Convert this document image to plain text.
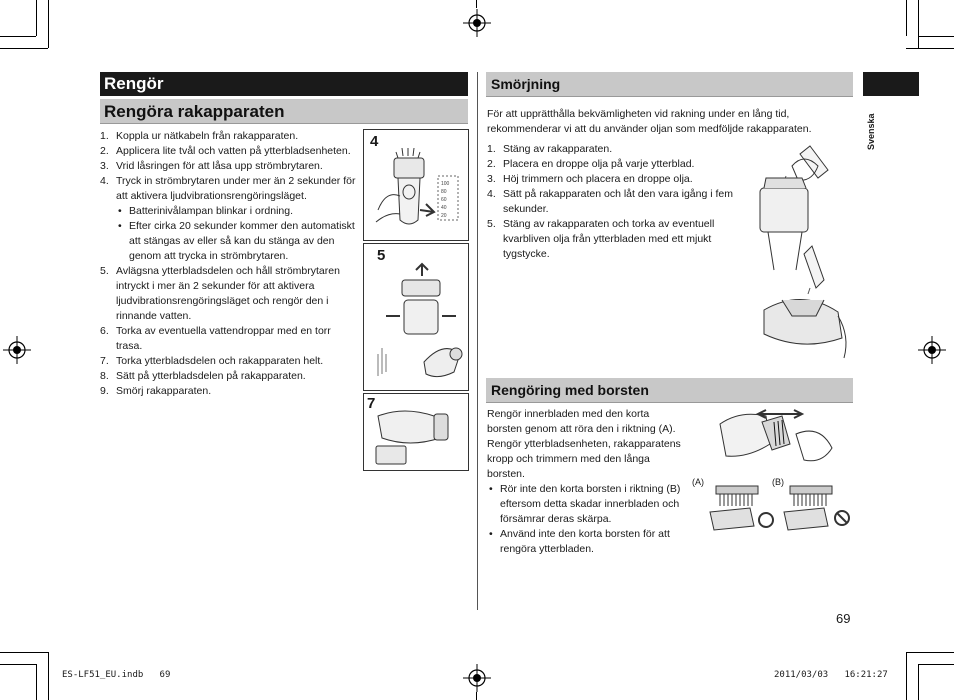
Rengör
Rengöra rakapparaten
1. Koppla ur nätkabeln från rakapparaten.
2. Applicera lite tvål och vatten på ytterbladsenheten.
3. Vrid låsringen för att låsa upp strömbrytaren.
4. Tryck in strömbrytaren under mer än 2 sekunder för att aktivera ljudvibrationsrengöringsläget.
• Batterinivålampan blinkar i ordning.
• Efter cirka 20 sekunder kommer den automatiskt att stängas av eller så kan du stänga av den genom att trycka in strömbrytaren.
5. Avlägsna ytterbladsdelen och håll strömbrytaren intryckt i mer än 2 sekunder för att aktivera ljudvibrationsrengöringsläget och rengör den i rinnande vatten.
6. Torka av eventuella vattendroppar med en torr trasa.
7. Torka ytterbladsdelen och rakapparaten helt.
8. Sätt på ytterbladsdelen på rakapparaten.
9. Smörj rakapparaten.
4
100
80
60
40
20
5
7
Smörjning
För att upprätthålla bekvämligheten vid rakning under en lång tid, rekommenderar vi att du använder oljan som medföljde rakapparaten.
1. Stäng av rakapparaten.
2. Placera en droppe olja på varje ytterblad.
3. Höj trimmern och placera en droppe olja.
4. Sätt på rakapparaten och låt den vara igång i fem sekunder.
5. Stäng av rakapparaten och torka av eventuell kvarbliven olja från ytterbladen med ett mjukt tygstycke.
Rengöring med borsten
Rengör innerbladen med den korta borsten genom att röra den i riktning (A).
Rengör ytterbladsenheten, rakapparatens kropp och trimmern med den långa borsten.
• Rör inte den korta borsten i riktning (B) eftersom detta skadar innerbladen och försämrar deras skärpa.
• Använd inte den korta borsten för att rengöra ytterbladen.
(A)	(B)
Svenska
69
ES-LF51_EU.indb   69	2011/03/03   16:21:27
